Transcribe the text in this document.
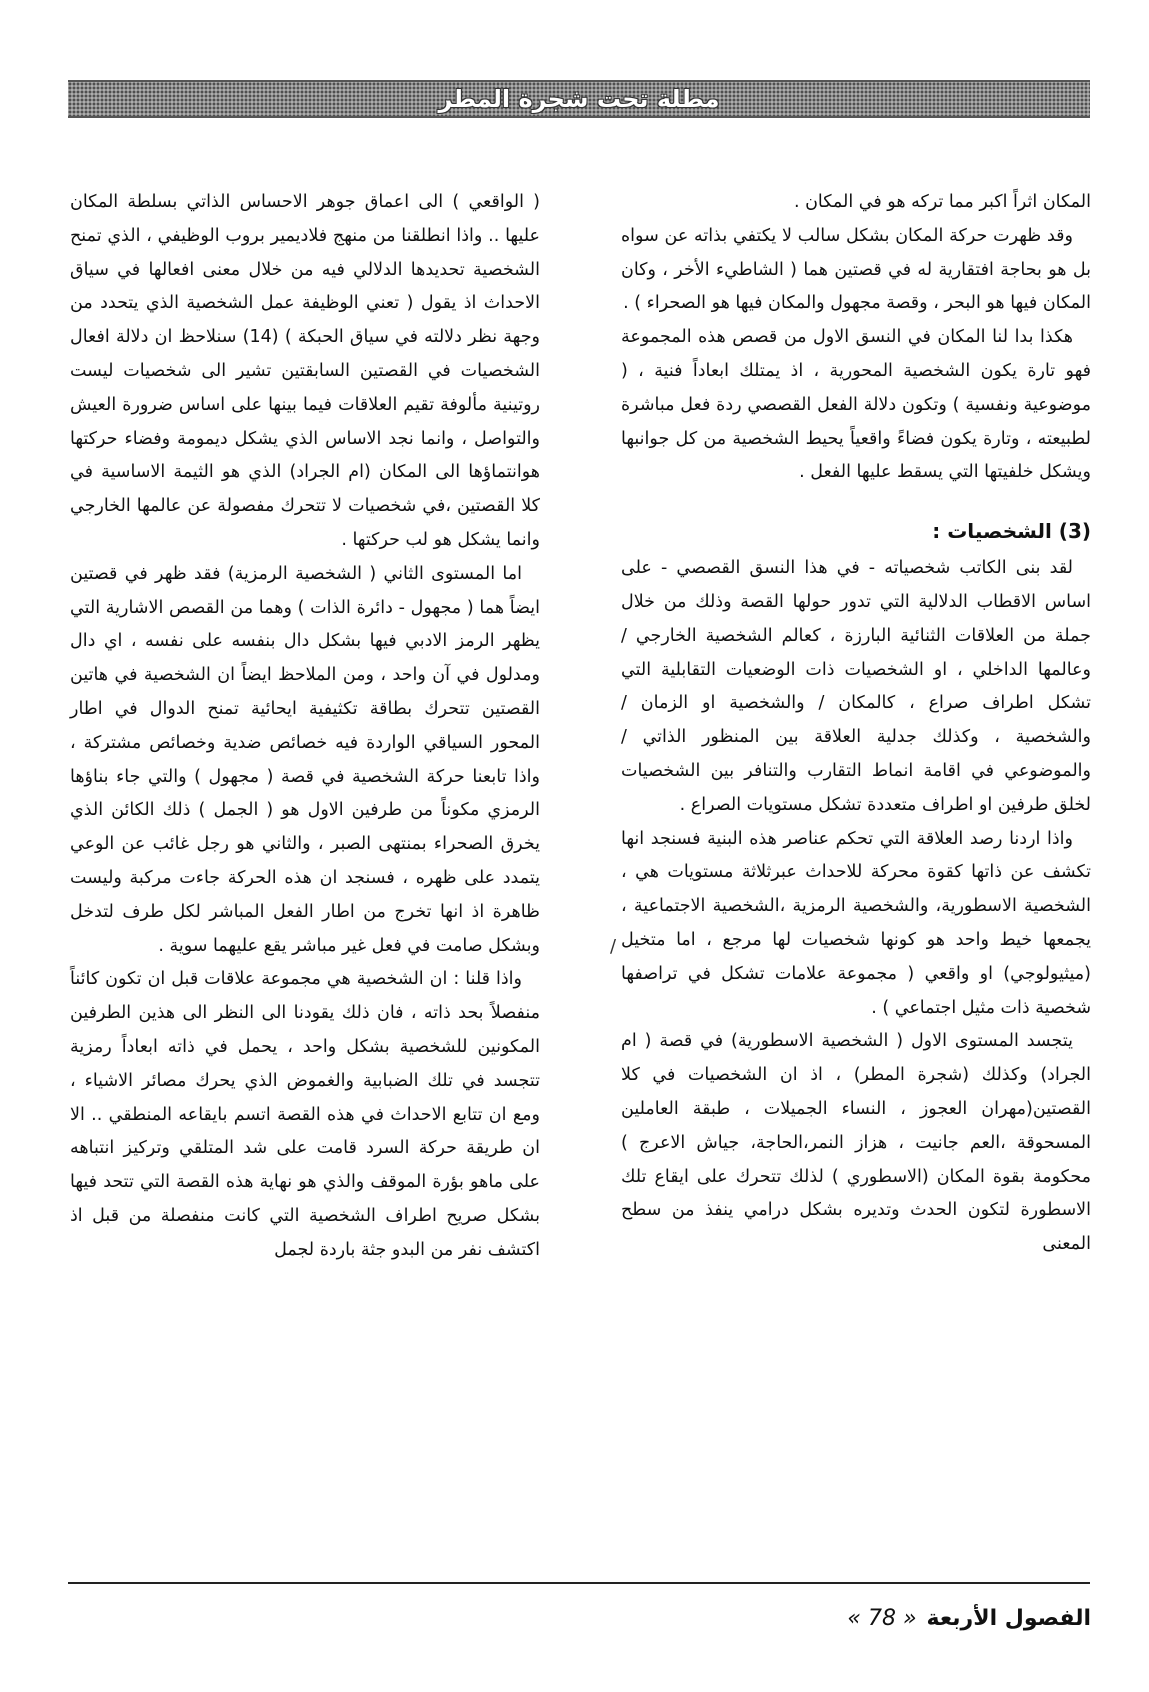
مطلة تحت شجرة المطر

المكان اثراً اكبر مما تركه هو في المكان .

وقد ظهرت حركة المكان بشكل سالب لا يكتفي بذاته عن سواه بل هو بحاجة افتقارية له في قصتين هما ( الشاطيء الأخر ، وكان المكان فيها هو البحر ، وقصة مجهول والمكان فيها هو الصحراء ) .

هكذا بدا لنا المكان في النسق الاول من قصص هذه المجموعة فهو تارة يكون الشخصية المحورية ، اذ يمتلك ابعاداً فنية ، ( موضوعية ونفسية ) وتكون دلالة الفعل القصصي ردة فعل مباشرة لطبيعته ، وتارة يكون فضاءً واقعياً يحيط الشخصية من كل جوانبها ويشكل خلفيتها التي يسقط عليها الفعل .

(3) الشخصيات :

لقد بنى الكاتب شخصياته - في هذا النسق القصصي - على اساس الاقطاب الدلالية التي تدور حولها القصة وذلك من خلال جملة من العلاقات الثنائية البارزة ، كعالم الشخصية الخارجي / وعالمها الداخلي ، او الشخصيات ذات الوضعيات التقابلية التي تشكل اطراف صراع ، كالمكان / والشخصية او الزمان / والشخصية ، وكذلك جدلية العلاقة بين المنظور الذاتي / والموضوعي في اقامة انماط التقارب والتنافر بين الشخصيات لخلق طرفين او اطراف متعددة تشكل مستويات الصراع .

واذا اردنا رصد العلاقة التي تحكم عناصر هذه البنية فسنجد انها تكشف عن ذاتها كقوة محركة للاحداث عبرثلاثة مستويات هي ، الشخصية الاسطورية، والشخصية الرمزية ،الشخصية الاجتماعية ، يجمعها خيط واحد هو كونها شخصيات لها مرجع ، اما متخيل (ميثيولوجي) او واقعي ( مجموعة علامات تشكل في تراصفها شخصية ذات مثيل اجتماعي ) .

يتجسد المستوى الاول ( الشخصية الاسطورية) في قصة ( ام الجراد) وكذلك (شجرة المطر) ، اذ ان الشخصيات في كلا القصتين(مهران العجوز ، النساء الجميلات ، طبقة العاملين المسحوقة ،العم جانيت ، هزاز النمر،الحاجة، جياش الاعرج ) محكومة بقوة المكان (الاسطوري ) لذلك تتحرك على ايقاع تلك الاسطورة لتكون الحدث وتديره بشكل درامي ينفذ من سطح المعنى

( الواقعي ) الى اعماق جوهر الاحساس الذاتي بسلطة المكان عليها .. واذا انطلقنا من منهج فلاديمير بروب الوظيفي ، الذي تمنح الشخصية تحديدها الدلالي فيه من خلال معنى افعالها في سياق الاحداث اذ يقول ( تعني الوظيفة عمل الشخصية الذي يتحدد من وجهة نظر دلالته في سياق الحبكة ) (14) سنلاحظ ان دلالة افعال الشخصيات في القصتين السابقتين تشير الى شخصيات ليست روتينية مألوفة تقيم العلاقات فيما بينها على اساس ضرورة العيش والتواصل ، وانما نجد الاساس الذي يشكل ديمومة وفضاء حركتها هوانتماؤها الى المكان (ام الجراد) الذي هو الثيمة الاساسية في كلا القصتين ،في شخصيات لا تتحرك مفصولة عن عالمها الخارجي وانما يشكل هو لب حركتها .

اما المستوى الثاني ( الشخصية الرمزية) فقد ظهر في قصتين ايضاً هما ( مجهول - دائرة الذات ) وهما من القصص الاشارية التي يظهر الرمز الادبي فيها بشكل دال بنفسه على نفسه ، اي دال ومدلول في آن واحد ، ومن الملاحظ ايضاً ان الشخصية في هاتين القصتين تتحرك بطاقة تكثيفية ايحائية تمنح الدوال في اطار المحور السياقي الواردة فيه خصائص ضدية وخصائص مشتركة ، واذا تابعنا حركة الشخصية في قصة ( مجهول ) والتي جاء بناؤها الرمزي مكوناً من طرفين الاول هو ( الجمل ) ذلك الكائن الذي يخرق الصحراء بمنتهى الصبر ، والثاني هو رجل غائب عن الوعي يتمدد على ظهره ، فسنجد ان هذه الحركة جاءت مركبة وليست ظاهرة اذ انها تخرج من اطار الفعل المباشر لكل طرف لتدخل وبشكل صامت في فعل غير مباشر يقع عليهما سوية .

واذا قلنا : ان الشخصية هي مجموعة علاقات قبل ان تكون كائناً منفصلاً بحد ذاته ، فان ذلك يقودنا الى النظر الى هذين الطرفين المكونين للشخصية بشكل واحد ، يحمل في ذاته ابعاداً رمزية تتجسد في تلك الضبابية والغموض الذي يحرك مصائر الاشياء ، ومع ان تتابع الاحداث في هذه القصة اتسم بايقاعه المنطقي .. الا ان طريقة حركة السرد قامت على شد المتلقي وتركيز انتباهه على ماهو بؤرة الموقف والذي هو نهاية هذه القصة التي تتحد فيها بشكل صريح اطراف الشخصية التي كانت منفصلة من قبل اذ اكتشف نفر من البدو جثة باردة لجمل

/
الفصول الأربعة
« 78 »
